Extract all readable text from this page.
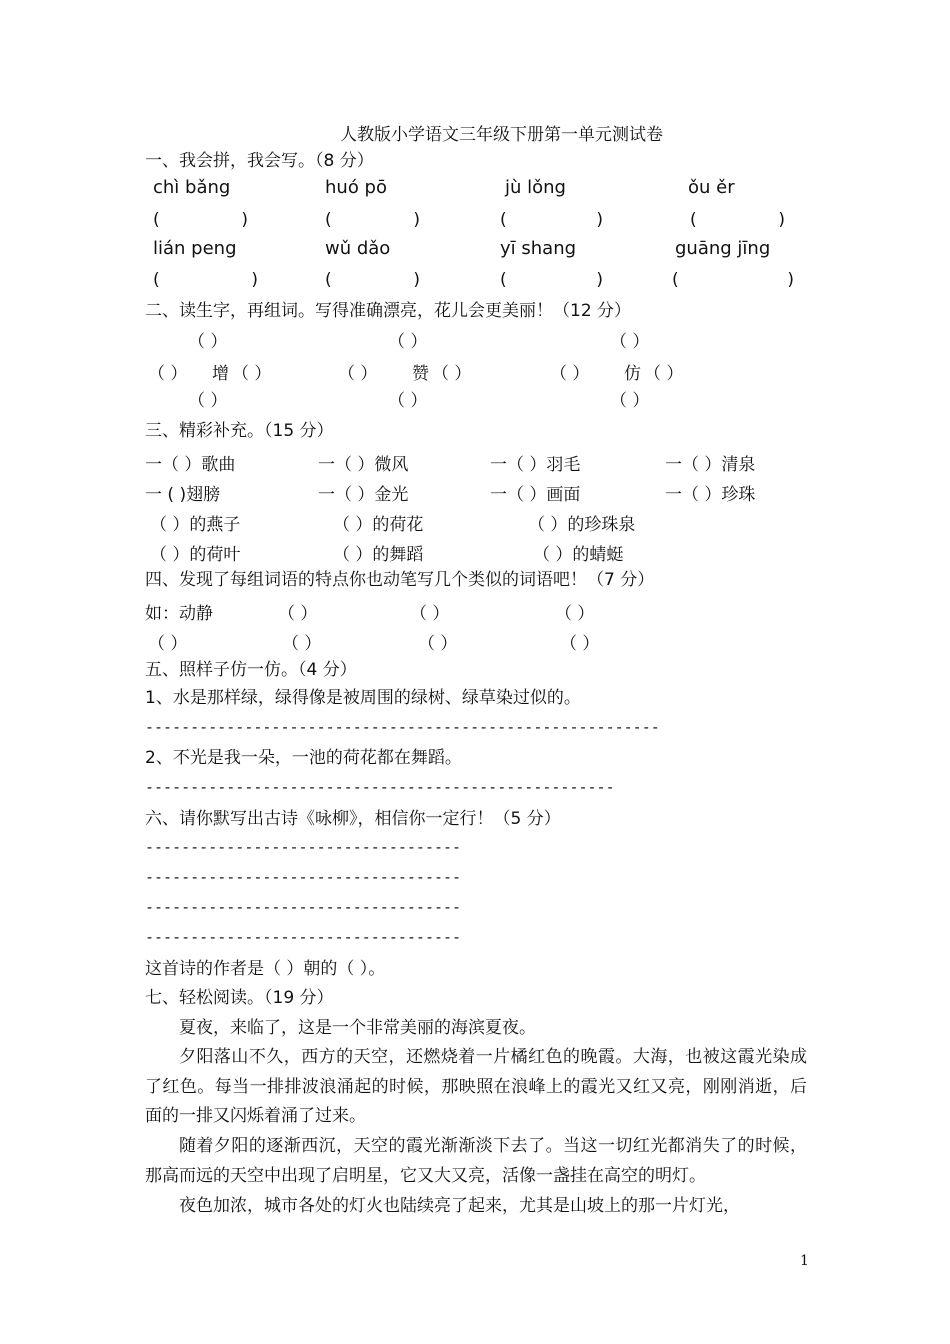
人教版小学语文三年级下册第一单元测试卷
一、我会拼，我会写。（8 分）
chì bǎng	huó pō	jù lǒng	ǒu ěr
(	)	(	)	(	)	(	)
lián peng	wǔ dǎo	yī shang	guāng jīng
(	)	(	)	(	)	(	)
二、读生字，再组词。写得准确漂亮，花儿会更美丽！（12 分）
（ ）	（ ）	（ ）
（ ） 增 （ ）	（ ） 赞 （ ）	（ ） 仿 （ ）
（ ）	（ ）	（ ）
三、精彩补充。（15 分）
一（ ）歌曲	一（ ）微风	一（ ）羽毛	一（ ）清泉
一 ( )翅膀	一（ ）金光	一（ ）画面	一（ ）珍珠
（ ）的燕子	（ ）的荷花	（ ）的珍珠泉
（ ）的荷叶	（ ）的舞蹈	（ ）的蜻蜓
四、发现了每组词语的特点你也动笔写几个类似的词语吧！（7 分）
如：动静	（ ）	（ ）	（ ）
（ ）	（ ）	（ ）	（ ）
五、照样子仿一仿。（4 分）
1、水是那样绿，绿得像是被周围的绿树、绿草染过似的。
---------------------------------------------------------
2、不光是我一朵，一池的荷花都在舞蹈。
----------------------------------------------------
六、请你默写出古诗《咏柳》，相信你一定行！（5 分）
-----------------------------------
-----------------------------------
-----------------------------------
-----------------------------------
这首诗的作者是（ ）朝的（ ）。
七、轻松阅读。（19 分）
夏夜，来临了，这是一个非常美丽的海滨夏夜。
夕阳落山不久，西方的天空，还燃烧着一片橘红色的晚霞。大海，也被这霞光染成了红色。每当一排排波浪涌起的时候，那映照在浪峰上的霞光又红又亮，刚刚消逝，后面的一排又闪烁着涌了过来。
随着夕阳的逐渐西沉，天空的霞光渐渐淡下去了。当这一切红光都消失了的时候，那高而远的天空中出现了启明星，它又大又亮，活像一盏挂在高空的明灯。
夜色加浓，城市各处的灯火也陆续亮了起来，尤其是山坡上的那一片灯光，
1
